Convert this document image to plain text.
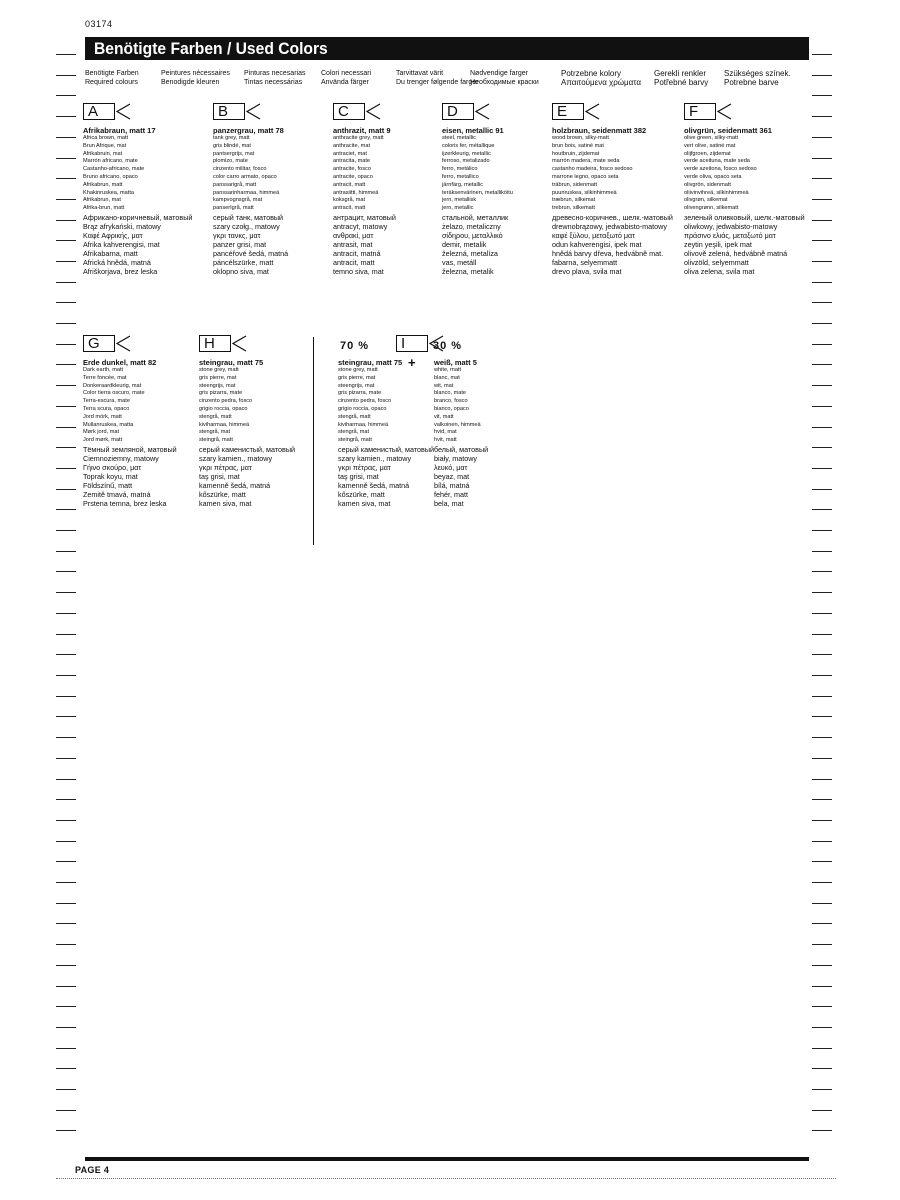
03174
Benötigte Farben / Used Colors
Benötigte Farben
Required colours
Peintures nécessaires
Benodigde kleuren
Pinturas necesarias
Tintas necessárias
Colori necessari
Använda färger
Tarvittavat värit
Du trenger følgende farger
Nødvendige farger
Необходимые краски
Potrzebne kolory
Απαιτούμενα χρώματα
Gerekli renkler
Potřebné barvy
Szükséges színek.
Potrebne barve
A
Afrikabraun, matt 17
Africa brown, matt
Brun Afrique, mat
Afrikabruin, mat
Marrón africano, mate
Castanho-africano, mate
Bruno africano, opaco
Afrikabrun, matt
Khakinruskea, matta
Afrikabrun, mat
Afrika-brun, matt
Африкано-коричневый, матовый
Brąz afrykański, matowy
Καφέ Αφρικής, ματ
Afrika kahverengisi, mat
Afrikabarna, matt
Africká hnědá, matná
Afriškorjava, brez leska
B
panzergrau, matt 78
tank grey, matt
gris blindé, mat
pantsergrijs, mat
plomizo, mate
cinzento militar, fosco
color carro armato, opaco
panssarigrå, matt
panssarinharmaa, himmeä
kampvognsgrå, mat
panserIgrå, matt
серый танк, матовый
szary czołg., matowy
γκρι τανκς, ματ
panzer grisi, mat
pancéřové šedá, matná
páncélszürke, matt
oklopno siva, mat
C
anthrazit, matt 9
anthracite grey, matt
anthracite, mat
antraciet, mat
antracita, mate
antracite, fosco
antracite, opaco
antracit, matt
antrasiitti, himmeä
koksgrå, mat
antracit, matt
антрацит, матовый
antracyt, matowy
ανθρακί, ματ
antrasit, mat
antracit, matná
antracit, matt
temno siva, mat
D
eisen, metallic 91
steel, metallic
coloris fer, métallique
ijzerkleurig, metallic
ferroso, metalizado
ferro, metálico
ferro, metallico
järnfärg, metallic
teräksenvärinen, metalliköitu
jern, metallisk
jern, metallic
стальной, металлик
żelazo, metaliczny
σίδηρου, μεταλλικό
demir, metalik
železná, metalíza
vas, metáll
železna, metalik
E
holzbraun, seidenmatt 382
wood brown, silky-matt
brun bois, satiné mat
houtbruin, zijdemat
marrón madera, mate seda
castanho madeira, fosco sedoso
marrone legno, opaco seta
träbrun, sidenmatt
puunruskea, silkinhimmeä
træbrun, silkemat
trebrun, silkematt
древесно-коричнев., шелк.-матовый
drewnobrązowy, jedwabisto-matowy
καφέ ξύλου, μεταξωτό ματ
odun kahverengisi, ipek mat
hnědá barvy dřeva, hedvábně mat.
fabarna, selyemmatt
drevo plava, svila mat
F
olivgrün, seidenmatt 361
olive green, silky-matt
vert olive, satiné mat
olijfgroen, zijdemat
verde aceituna, mate seda
verde azeitona, fosco sedoso
verde oliva, opaco seta
olivgrön, sidenmatt
oliivinvihreä, silkinhimmeä
olivgrøn, silkemat
olivengrønn, silkematt
зеленый оливковый, шелк.-матовый
oliwkowy, jedwabisto-matowy
πράσινο ελιάς, μεταξωτό ματ
zeytin yeşili, ipek mat
olivově zelená, hedvábně matná
olivzöld, selyemmatt
oliva zelena, svila mat
G
Erde dunkel, matt 82
Dark earth, matt
Terre foncée, mat
Donkeraardkleurig, mat
Color tierra oscuro, mate
Terra-escura, mate
Terra scura, opaco
Jord mörk, matt
Mullanruskea, matta
Mørk jord, mat
Jord mørk, matt
Тёмный земляной, матовый
Ciemnoziemny, matowy
Γήινο σκούρο, ματ
Toprak koyu, mat
Földszínű, matt
Zemitě tmavá, matná
Prstena temna, brez leska
H
steingrau, matt 75
stone grey, matt
gris pierre, mat
steengrijs, mat
gris pizarra, mate
cinzento pedra, fosco
grigio roccia, opaco
stengrå, matt
kiviharmaa, himmeä
stengrå, mat
steingrå, matt
серый каменистый, матовый
szary kamien., matowy
γκρι πέτρας, ματ
taş grisi, mat
kamenně šedá, matná
kőszürke, matt
kamen siva, mat
70 %	I	30 %
steingrau, matt 75
stone grey, matt
gris pierre, mat
steengrijs, mat
gris pizarra, mate
cinzento pedra, fosco
grigio roccia, opaco
stengrå, matt
kiviharmaa, himmeä
stengrå, mat
steingrå, matt
серый каменистый, матовый
szary kamien., matowy
γκρι πέτρας, ματ
taş grisi, mat
kamenně šedá, matná
kőszürke, matt
kamen siva, mat
weiß, matt 5
white, matt
blanc, mat
wit, mat
blanco, mate
branco, fosco
bianco, opaco
vit, matt
valkoinen, himmeä
hvid, mat
hvit, matt
белый, матовый
biały, matowy
λευκό, ματ
beyaz, mat
bílá, matná
fehér, matt
bela, mat
+
PAGE 4
